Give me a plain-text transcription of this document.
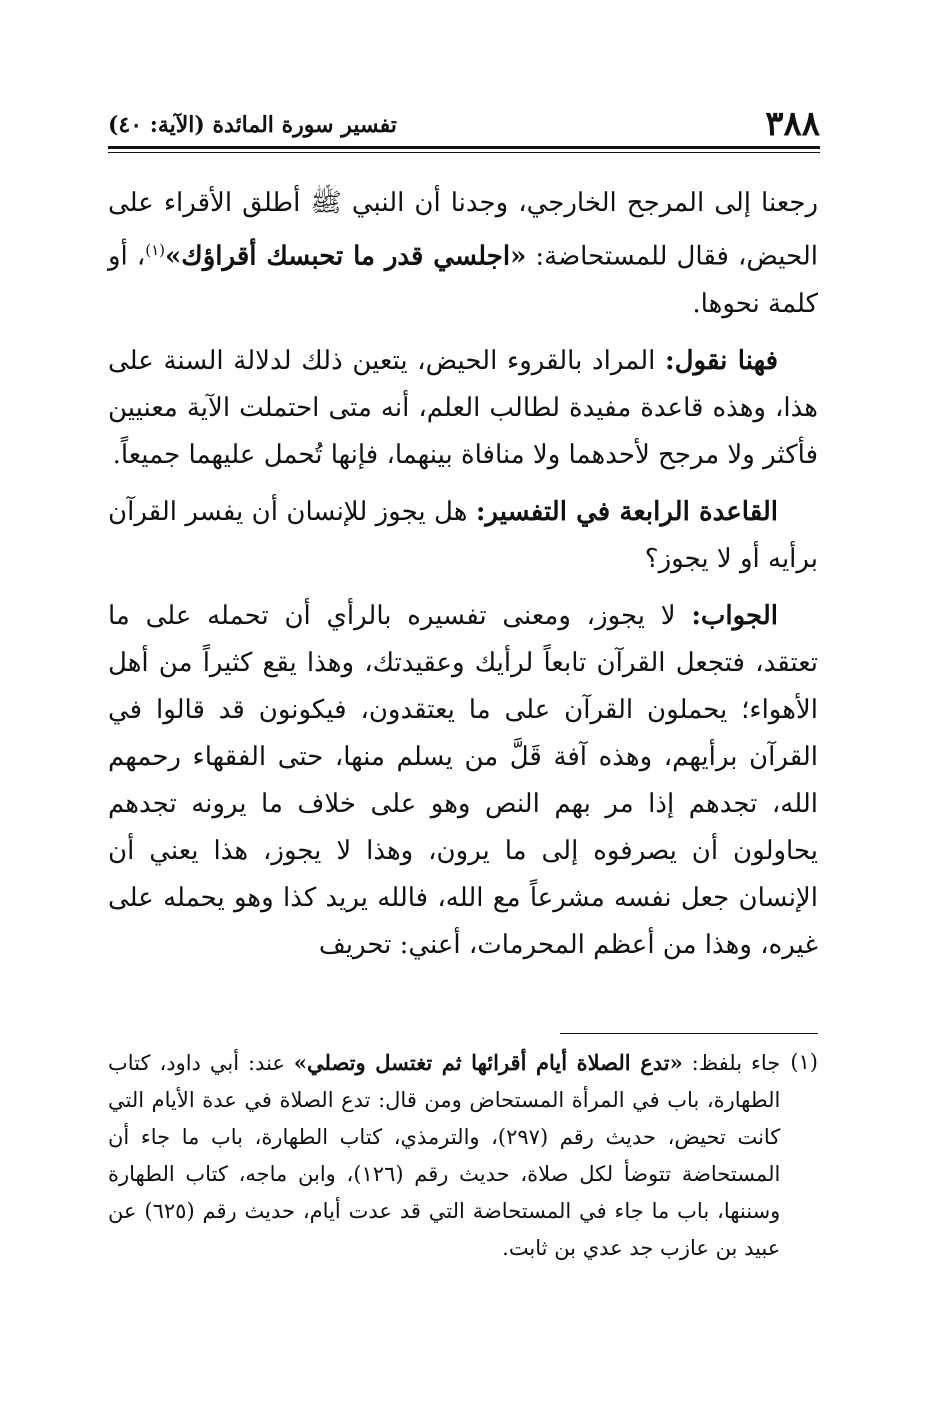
٣٨٨
تفسير سورة المائدة (الآية: ٤٠)

رجعنا إلى المرجح الخارجي، وجدنا أن النبي ﷺ أطلق الأقراء على الحيض، فقال للمستحاضة: «اجلسي قدر ما تحبسك أقراؤك»$^{(١)}$، أو كلمة نحوها.

فهنا نقول: المراد بالقروء الحيض، يتعين ذلك لدلالة السنة على هذا، وهذه قاعدة مفيدة لطالب العلم، أنه متى احتملت الآية معنيين فأكثر ولا مرجح لأحدهما ولا منافاة بينهما، فإنها تُحمل عليهما جميعاً.

القاعدة الرابعة في التفسير: هل يجوز للإنسان أن يفسر القرآن برأيه أو لا يجوز؟

الجواب: لا يجوز، ومعنى تفسيره بالرأي أن تحمله على ما تعتقد، فتجعل القرآن تابعاً لرأيك وعقيدتك، وهذا يقع كثيراً من أهل الأهواء؛ يحملون القرآن على ما يعتقدون، فيكونون قد قالوا في القرآن برأيهم، وهذه آفة قَلَّ من يسلم منها، حتى الفقهاء رحمهم الله، تجدهم إذا مر بهم النص وهو على خلاف ما يرونه تجدهم يحاولون أن يصرفوه إلى ما يرون، وهذا لا يجوز، هذا يعني أن الإنسان جعل نفسه مشرعاً مع الله، فالله يريد كذا وهو يحمله على غيره، وهذا من أعظم المحرمات، أعني: تحريف

(١)
جاء بلفظ: «تدع الصلاة أيام أقرائها ثم تغتسل وتصلي» عند: أبي داود، كتاب الطهارة، باب في المرأة المستحاض ومن قال: تدع الصلاة في عدة الأيام التي كانت تحيض، حديث رقم (٢٩٧)، والترمذي، كتاب الطهارة، باب ما جاء أن المستحاضة تتوضأ لكل صلاة، حديث رقم (١٢٦)، وابن ماجه، كتاب الطهارة وسننها، باب ما جاء في المستحاضة التي قد عدت أيام، حديث رقم (٦٢٥) عن عبيد بن عازب جد عدي بن ثابت.
